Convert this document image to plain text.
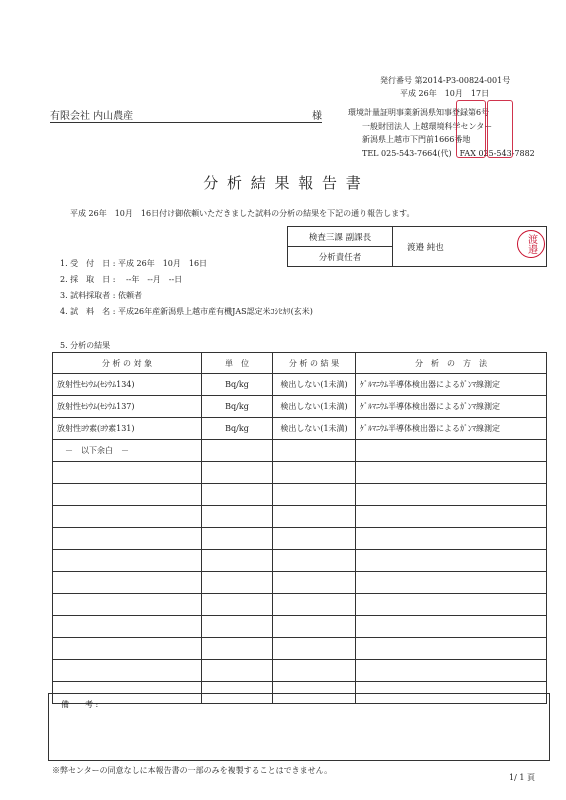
発行番号 第2014-P3-00824-001号
平成 26年　10月　17日
有限会社 内山農産	様	環境計量証明事業新潟県知事登録第6号
一般財団法人 上越環境科学センター
新潟県上越市下門前1666番地
TEL 025-543-7664(代)　FAX 025-543-7882
分 析 結 果 報 告 書
平成 26年　10月　16日付け御依頼いただきました試料の分析の結果を下記の通り報告します。
検査三課 副課長	渡邉 純也
分析責任者
渡邉
1. 受　付　日 : 平成 26年　10月　16日
2. 採　取　日 : 　--年　--月　--日
3. 試料採取者 : 依頼者
4. 試　料　名 : 平成26年産新潟県上越市産有機JAS認定米ｺｼﾋｶﾘ(玄米)
5. 分析の結果
分 析 の 対 象	単　位	分 析 の 結 果	分　析　の　方　法
放射性ｾｼｳﾑ(ｾｼｳﾑ134)	Bq/kg	検出しない(1未満)	ｹﾞﾙﾏﾆｳﾑ半導体検出器によるｶﾞﾝﾏ線測定
放射性ｾｼｳﾑ(ｾｼｳﾑ137)	Bq/kg	検出しない(1未満)	ｹﾞﾙﾏﾆｳﾑ半導体検出器によるｶﾞﾝﾏ線測定
放射性ﾖｳ素(ﾖｳ素131)	Bq/kg	検出しない(1未満)	ｹﾞﾙﾏﾆｳﾑ半導体検出器によるｶﾞﾝﾏ線測定
　－　以下余白　－			

備　　考 :
※弊センターの同意なしに本報告書の一部のみを複製することはできません。
1/ 1 頁
